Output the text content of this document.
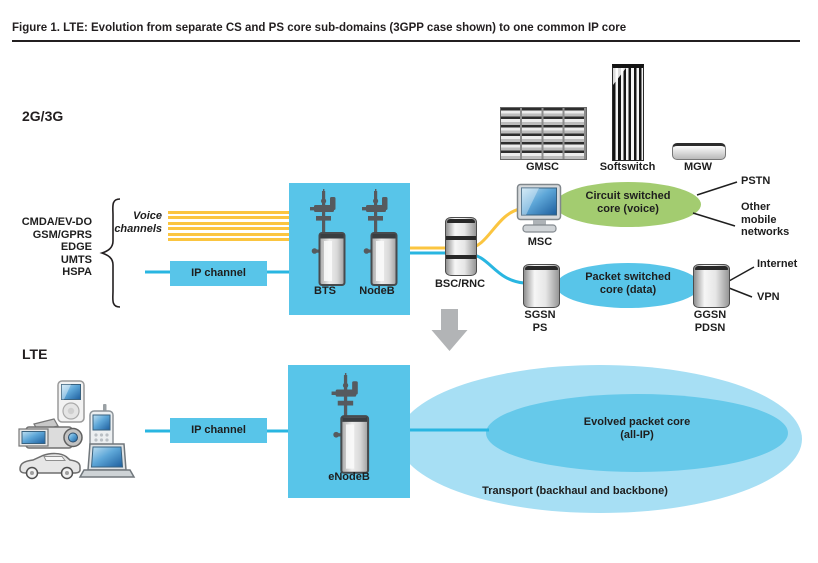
Figure 1. LTE: Evolution from separate CS and PS core sub-domains (3GPP case shown) to one common IP core
2G/3G
CMDA/EV-DO
GSM/GPRS
EDGE
UMTS
HSPA
Voice
channels
IP channel
BTS	NodeB
BSC/RNC
GMSC	Softswitch	MGW
Circuit switched
core (voice)
MSC
PSTN
Other
mobile
networks
Packet switched
core (data)
SGSN
PS
GGSN
PDSN
Internet
VPN
LTE
IP channel
Evolved packet core
(all-IP)
Transport (backhaul and backbone)
eNodeB
